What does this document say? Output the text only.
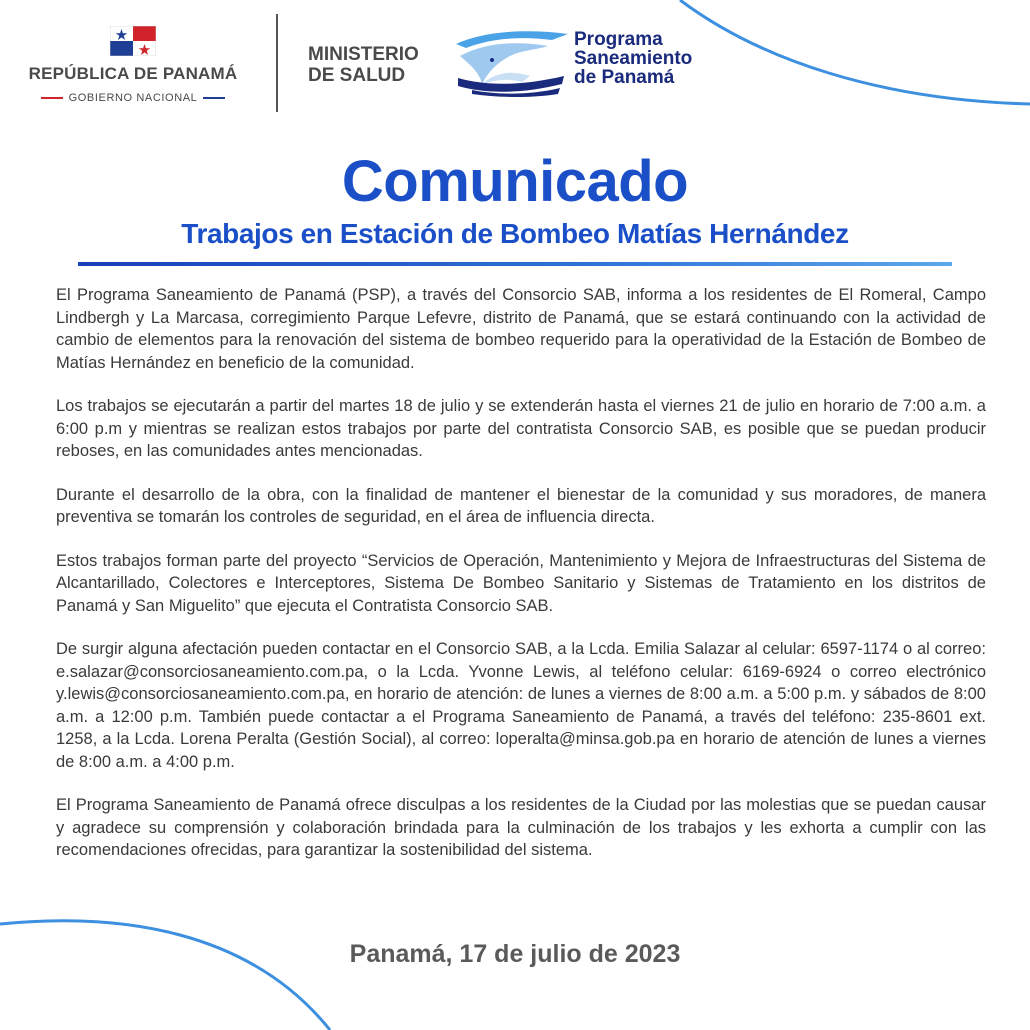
REPÚBLICA DE PANAMÁ
GOBIERNO NACIONAL
MINISTERIO
DE SALUD
Programa
Saneamiento
de Panamá
Comunicado
Trabajos en Estación de Bombeo Matías Hernández

El Programa Saneamiento de Panamá (PSP), a través del Consorcio SAB, informa a los residentes de El Romeral, Campo Lindbergh y La Marcasa, corregimiento Parque Lefevre, distrito de Panamá, que se estará continuando con la actividad de cambio de elementos para la renovación del sistema de bombeo requerido para la operatividad de la Estación de Bombeo de Matías Hernández en beneficio de la comunidad.

Los trabajos se ejecutarán a partir del martes 18 de julio y se extenderán hasta el viernes 21 de julio en horario de 7:00 a.m. a 6:00 p.m y mientras se realizan estos trabajos por parte del contratista Consorcio SAB, es posible que se puedan producir reboses, en las comunidades antes mencionadas.

Durante el desarrollo de la obra, con la finalidad de mantener el bienestar de la comunidad y sus moradores, de manera preventiva se tomarán los controles de seguridad, en el área de influencia directa.

Estos trabajos forman parte del proyecto “Servicios de Operación, Mantenimiento y Mejora de Infraestructuras del Sistema de Alcantarillado, Colectores e Interceptores, Sistema De Bombeo Sanitario y Sistemas de Tratamiento en los distritos de Panamá y San Miguelito” que ejecuta el Contratista Consorcio SAB.

De surgir alguna afectación pueden contactar en el Consorcio SAB, a la Lcda. Emilia Salazar al celular: 6597-1174 o al correo: e.salazar@consorciosaneamiento.com.pa, o la Lcda. Yvonne Lewis, al teléfono celular: 6169-6924 o correo electrónico y.lewis@consorciosaneamiento.com.pa, en horario de atención: de lunes a viernes de 8:00 a.m. a 5:00 p.m. y sábados de 8:00 a.m. a 12:00 p.m. También puede contactar a el Programa Saneamiento de Panamá, a través del teléfono: 235-8601 ext. 1258, a la Lcda. Lorena Peralta (Gestión Social), al correo: loperalta@minsa.gob.pa en horario de atención de lunes a viernes de 8:00 a.m. a 4:00 p.m.

El Programa Saneamiento de Panamá ofrece disculpas a los residentes de la Ciudad por las molestias que se puedan causar y agradece su comprensión y colaboración brindada para la culminación de los trabajos y les exhorta a cumplir con las recomendaciones ofrecidas, para garantizar la sostenibilidad del sistema.

Panamá, 17 de julio de 2023
